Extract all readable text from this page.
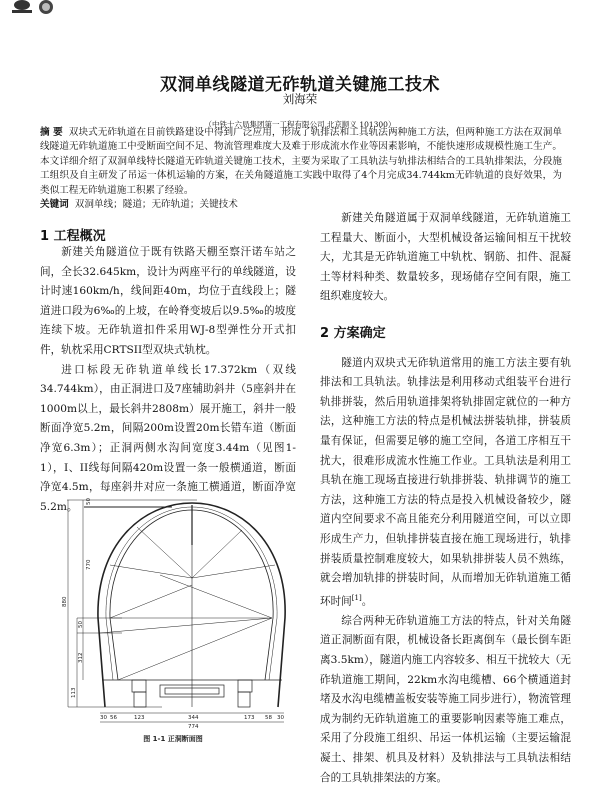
双洞单线隧道无砟轨道关键施工技术
刘海荣
（中铁十六局集团第一工程有限公司 北京顺义 101300）
摘 要 双块式无砟轨道在目前铁路建设中得到广泛应用，形成了轨排法和工具轨法两种施工方法，但两种施工方法在双洞单线隧道无砟轨道施工中受断面空间不足、物流管理难度大及难于形成流水作业等因素影响，不能快速形成规模性施工生产。本文详细介绍了双洞单线特长隧道无砟轨道关键施工技术，主要为采取了工具轨法与轨排法相结合的工具轨排架法，分段施工组织及自主研发了吊运一体机运输的方案，在关角隧道施工实践中取得了4个月完成34.744km无砟轨道的良好效果，为类似工程无砟轨道施工积累了经验。
关键词 双洞单线；隧道；无砟轨道；关键技术
1 工程概况

新建关角隧道位于既有铁路天棚至察汗诺车站之间，全长32.645km，设计为两座平行的单线隧道，设计时速160km/h，线间距40m，均位于直线段上；隧道进口段为6‰的上坡，在岭脊变坡后以9.5‰的坡度连续下坡。无砟轨道扣件采用WJ-8型弹性分开式扣件，轨枕采用CRTSII型双块式轨枕。

进口标段无砟轨道单线长17.372km（双线34.744km），由正洞进口及7座辅助斜井（5座斜井在1000m以上，最长斜井2808m）展开施工，斜井一般断面净宽5.2m，间隔200m设置20m长错车道（断面净宽6.3m）；正洞两侧水沟间宽度3.44m（见图1-1），I、II线每间隔420m设置一条一般横通道，断面净宽4.5m，每座斜井对应一条施工横通道，断面净宽5.2m。

新建关角隧道属于双洞单线隧道，无砟轨道施工工程量大、断面小，大型机械设备运输间相互干扰较大，尤其是无砟轨道施工中轨枕、钢筋、扣件、混凝土等材料种类、数量较多，现场储存空间有限，施工组织难度较大。

2 方案确定

隧道内双块式无砟轨道常用的施工方法主要有轨排法和工具轨法。轨排法是利用移动式组装平台进行轨排拼装，然后用轨道排架将轨排固定就位的一种方法，这种施工方法的特点是机械法拼装轨排，拼装质量有保证，但需要足够的施工空间，各道工序相互干扰大，很难形成流水性施工作业。工具轨法是利用工具轨在施工现场直接进行轨排拼装、轨排调节的施工方法，这种施工方法的特点是投入机械设备较少，隧道内空间要求不高且能充分利用隧道空间，可以立即形成生产力，但轨排拼装直接在施工现场进行，轨排拼装质量控制难度较大，如果轨排拼装人员不熟练，就会增加轨排的拼装时间，从而增加无砟轨道施工循环时间[1]。

综合两种无砟轨道施工方法的特点，针对关角隧道正洞断面有限，机械设备长距离倒车（最长倒车距离3.5km），隧道内施工内容较多、相互干扰较大（无砟轨道施工期间，22km水沟电缆槽、66个横通道封堵及水沟电缆槽盖板安装等施工同步进行），物流管理成为制约无砟轨道施工的重要影响因素等施工难点，采用了分段施工组织、吊运一体机运输（主要运输混凝土、排架、机具及材料）及轨排法与工具轨法相结合的工具轨排架法的方案。

880
50
770
50
312
113
30 56	123	344	173 58 30
774
图 1-1 正洞断面图
